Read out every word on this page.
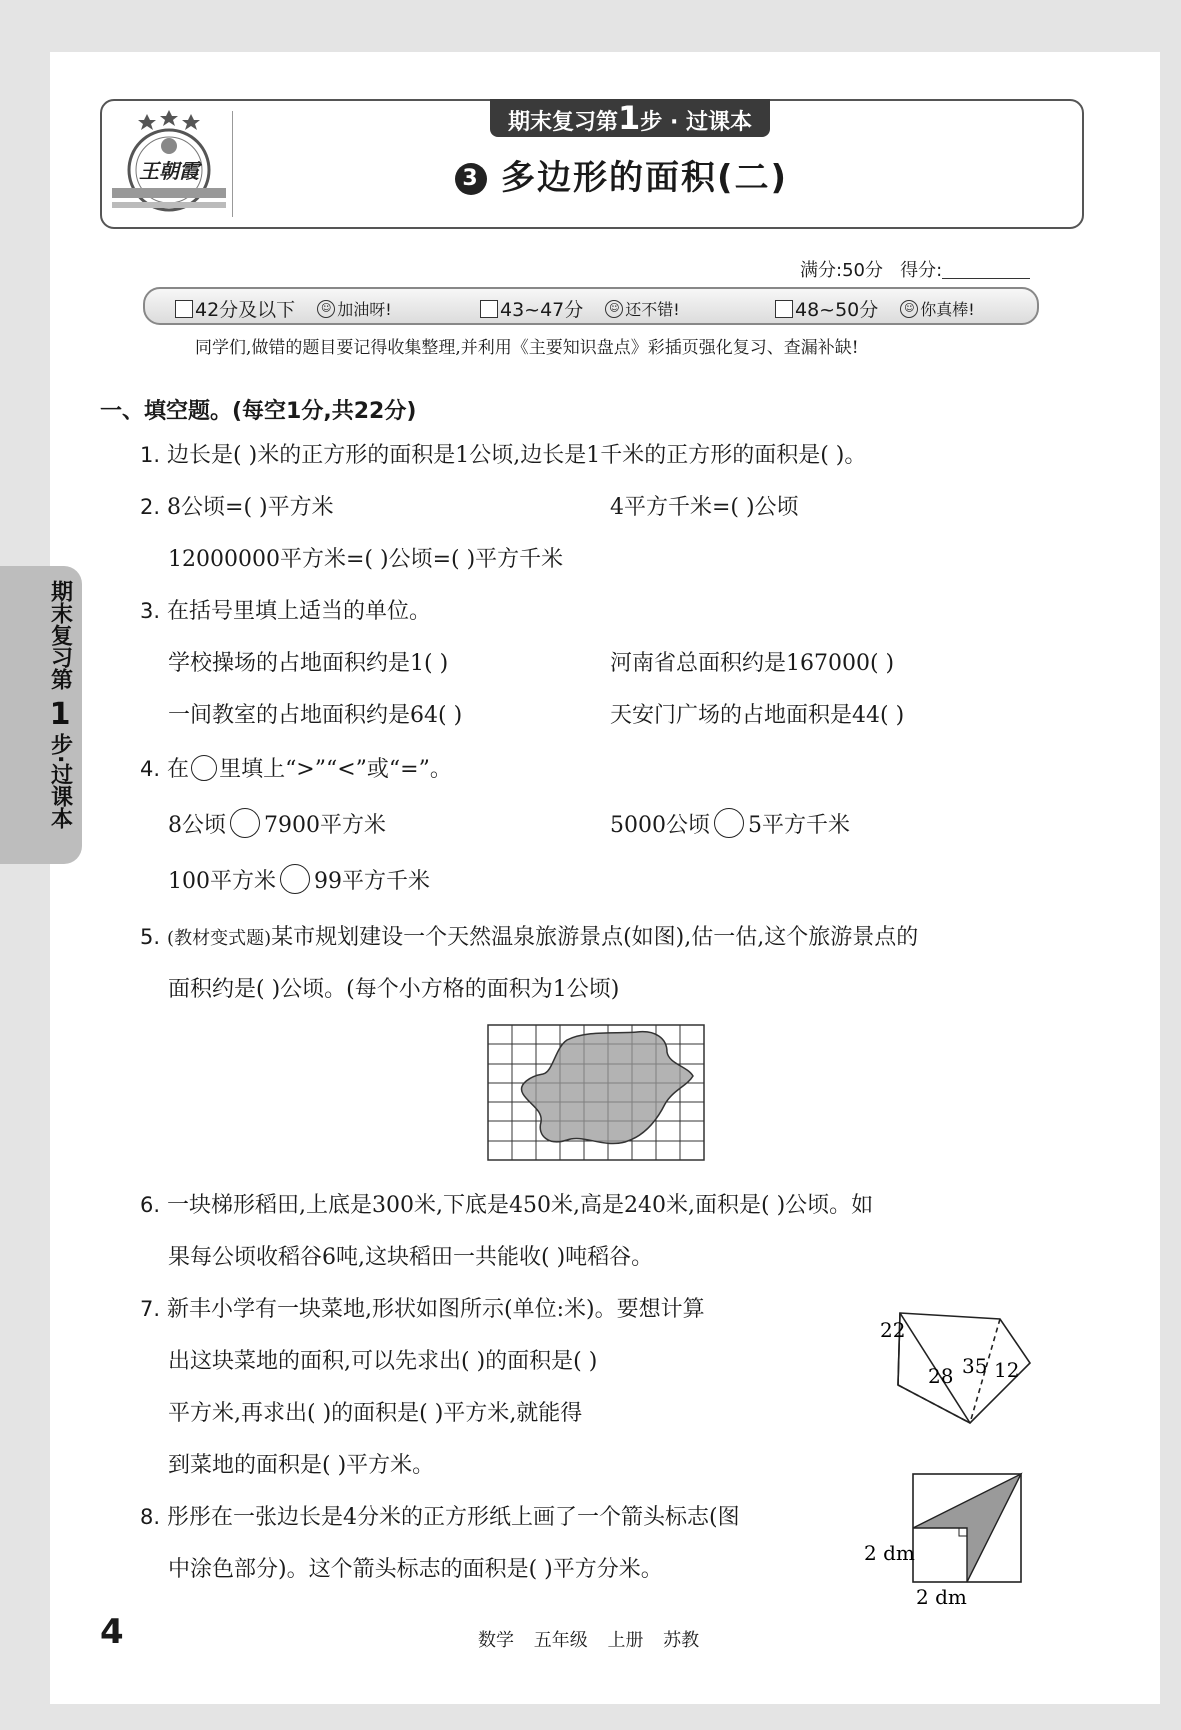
期末复习第
1
步·过课本
王朝霞
期末复习第1步 · 过课本
3 多边形的面积(二)
满分:50分 得分:
42分及以下	☺ 加油呀!	43~47分	☺ 还不错!	48~50分	☺ 你真棒!
同学们,做错的题目要记得收集整理,并利用《主要知识盘点》彩插页强化复习、查漏补缺!
一、填空题。(每空1分,共22分)
1. 边长是( )米的正方形的面积是1公顷,边长是1千米的正方形的面积是( )。
2. 8公顷=( )平方米	4平方千米=( )公顷
12000000平方米=( )公顷=( )平方千米
3. 在括号里填上适当的单位。
学校操场的占地面积约是1( )	河南省总面积约是167000( )
一间教室的占地面积约是64( )	天安门广场的占地面积是44( )
4. 在 里填上“>”“<”或“=”。
8公顷 7900平方米	5000公顷 5平方千米
100平方米 99平方千米
5. (教材变式题)某市规划建设一个天然温泉旅游景点(如图),估一估,这个旅游景点的
面积约是( )公顷。(每个小方格的面积为1公顷)
6. 一块梯形稻田,上底是300米,下底是450米,高是240米,面积是( )公顷。如
果每公顷收稻谷6吨,这块稻田一共能收( )吨稻谷。
7. 新丰小学有一块菜地,形状如图所示(单位:米)。要想计算
出这块菜地的面积,可以先求出( )的面积是( )
平方米,再求出( )的面积是( )平方米,就能得
到菜地的面积是( )平方米。
22
28 35 12
8. 彤彤在一张边长是4分米的正方形纸上画了一个箭头标志(图
中涂色部分)。这个箭头标志的面积是( )平方分米。
2 dm
2 dm
4	数学 五年级 上册 苏教
